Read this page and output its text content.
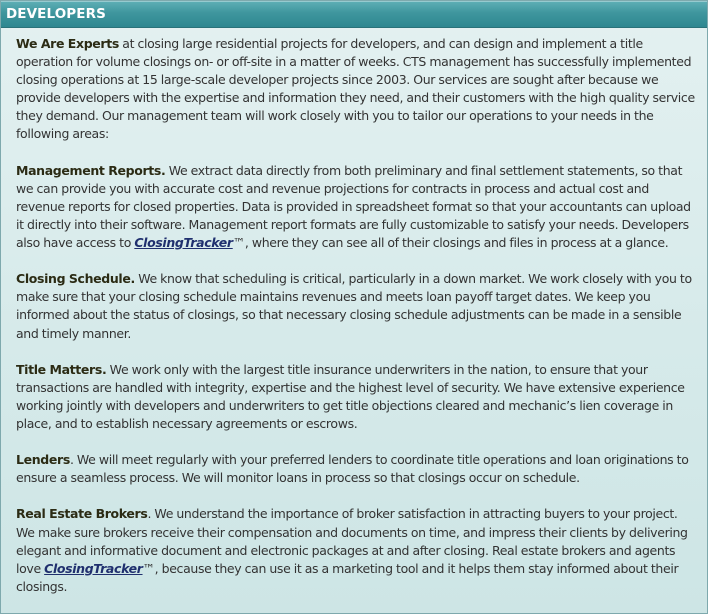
DEVELOPERS

We Are Experts at closing large residential projects for developers, and can design and implement a title operation for volume closings on- or off-site in a matter of weeks. CTS management has successfully implemented closing operations at 15 large-scale developer projects since 2003. Our services are sought after because we provide developers with the expertise and information they need, and their customers with the high quality service they demand. Our management team will work closely with you to tailor our operations to your needs in the following areas:

Management Reports. We extract data directly from both preliminary and final settlement statements, so that we can provide you with accurate cost and revenue projections for contracts in process and actual cost and revenue reports for closed properties. Data is provided in spreadsheet format so that your accountants can upload it directly into their software. Management report formats are fully customizable to satisfy your needs. Developers also have access to ClosingTracker™, where they can see all of their closings and files in process at a glance.

Closing Schedule. We know that scheduling is critical, particularly in a down market. We work closely with you to make sure that your closing schedule maintains revenues and meets loan payoff target dates. We keep you informed about the status of closings, so that necessary closing schedule adjustments can be made in a sensible and timely manner.

Title Matters. We work only with the largest title insurance underwriters in the nation, to ensure that your transactions are handled with integrity, expertise and the highest level of security. We have extensive experience working jointly with developers and underwriters to get title objections cleared and mechanic’s lien coverage in place, and to establish necessary agreements or escrows.

Lenders. We will meet regularly with your preferred lenders to coordinate title operations and loan originations to ensure a seamless process. We will monitor loans in process so that closings occur on schedule.

Real Estate Brokers. We understand the importance of broker satisfaction in attracting buyers to your project. We make sure brokers receive their compensation and documents on time, and impress their clients by delivering elegant and informative document and electronic packages at and after closing. Real estate brokers and agents love ClosingTracker™, because they can use it as a marketing tool and it helps them stay informed about their closings.
